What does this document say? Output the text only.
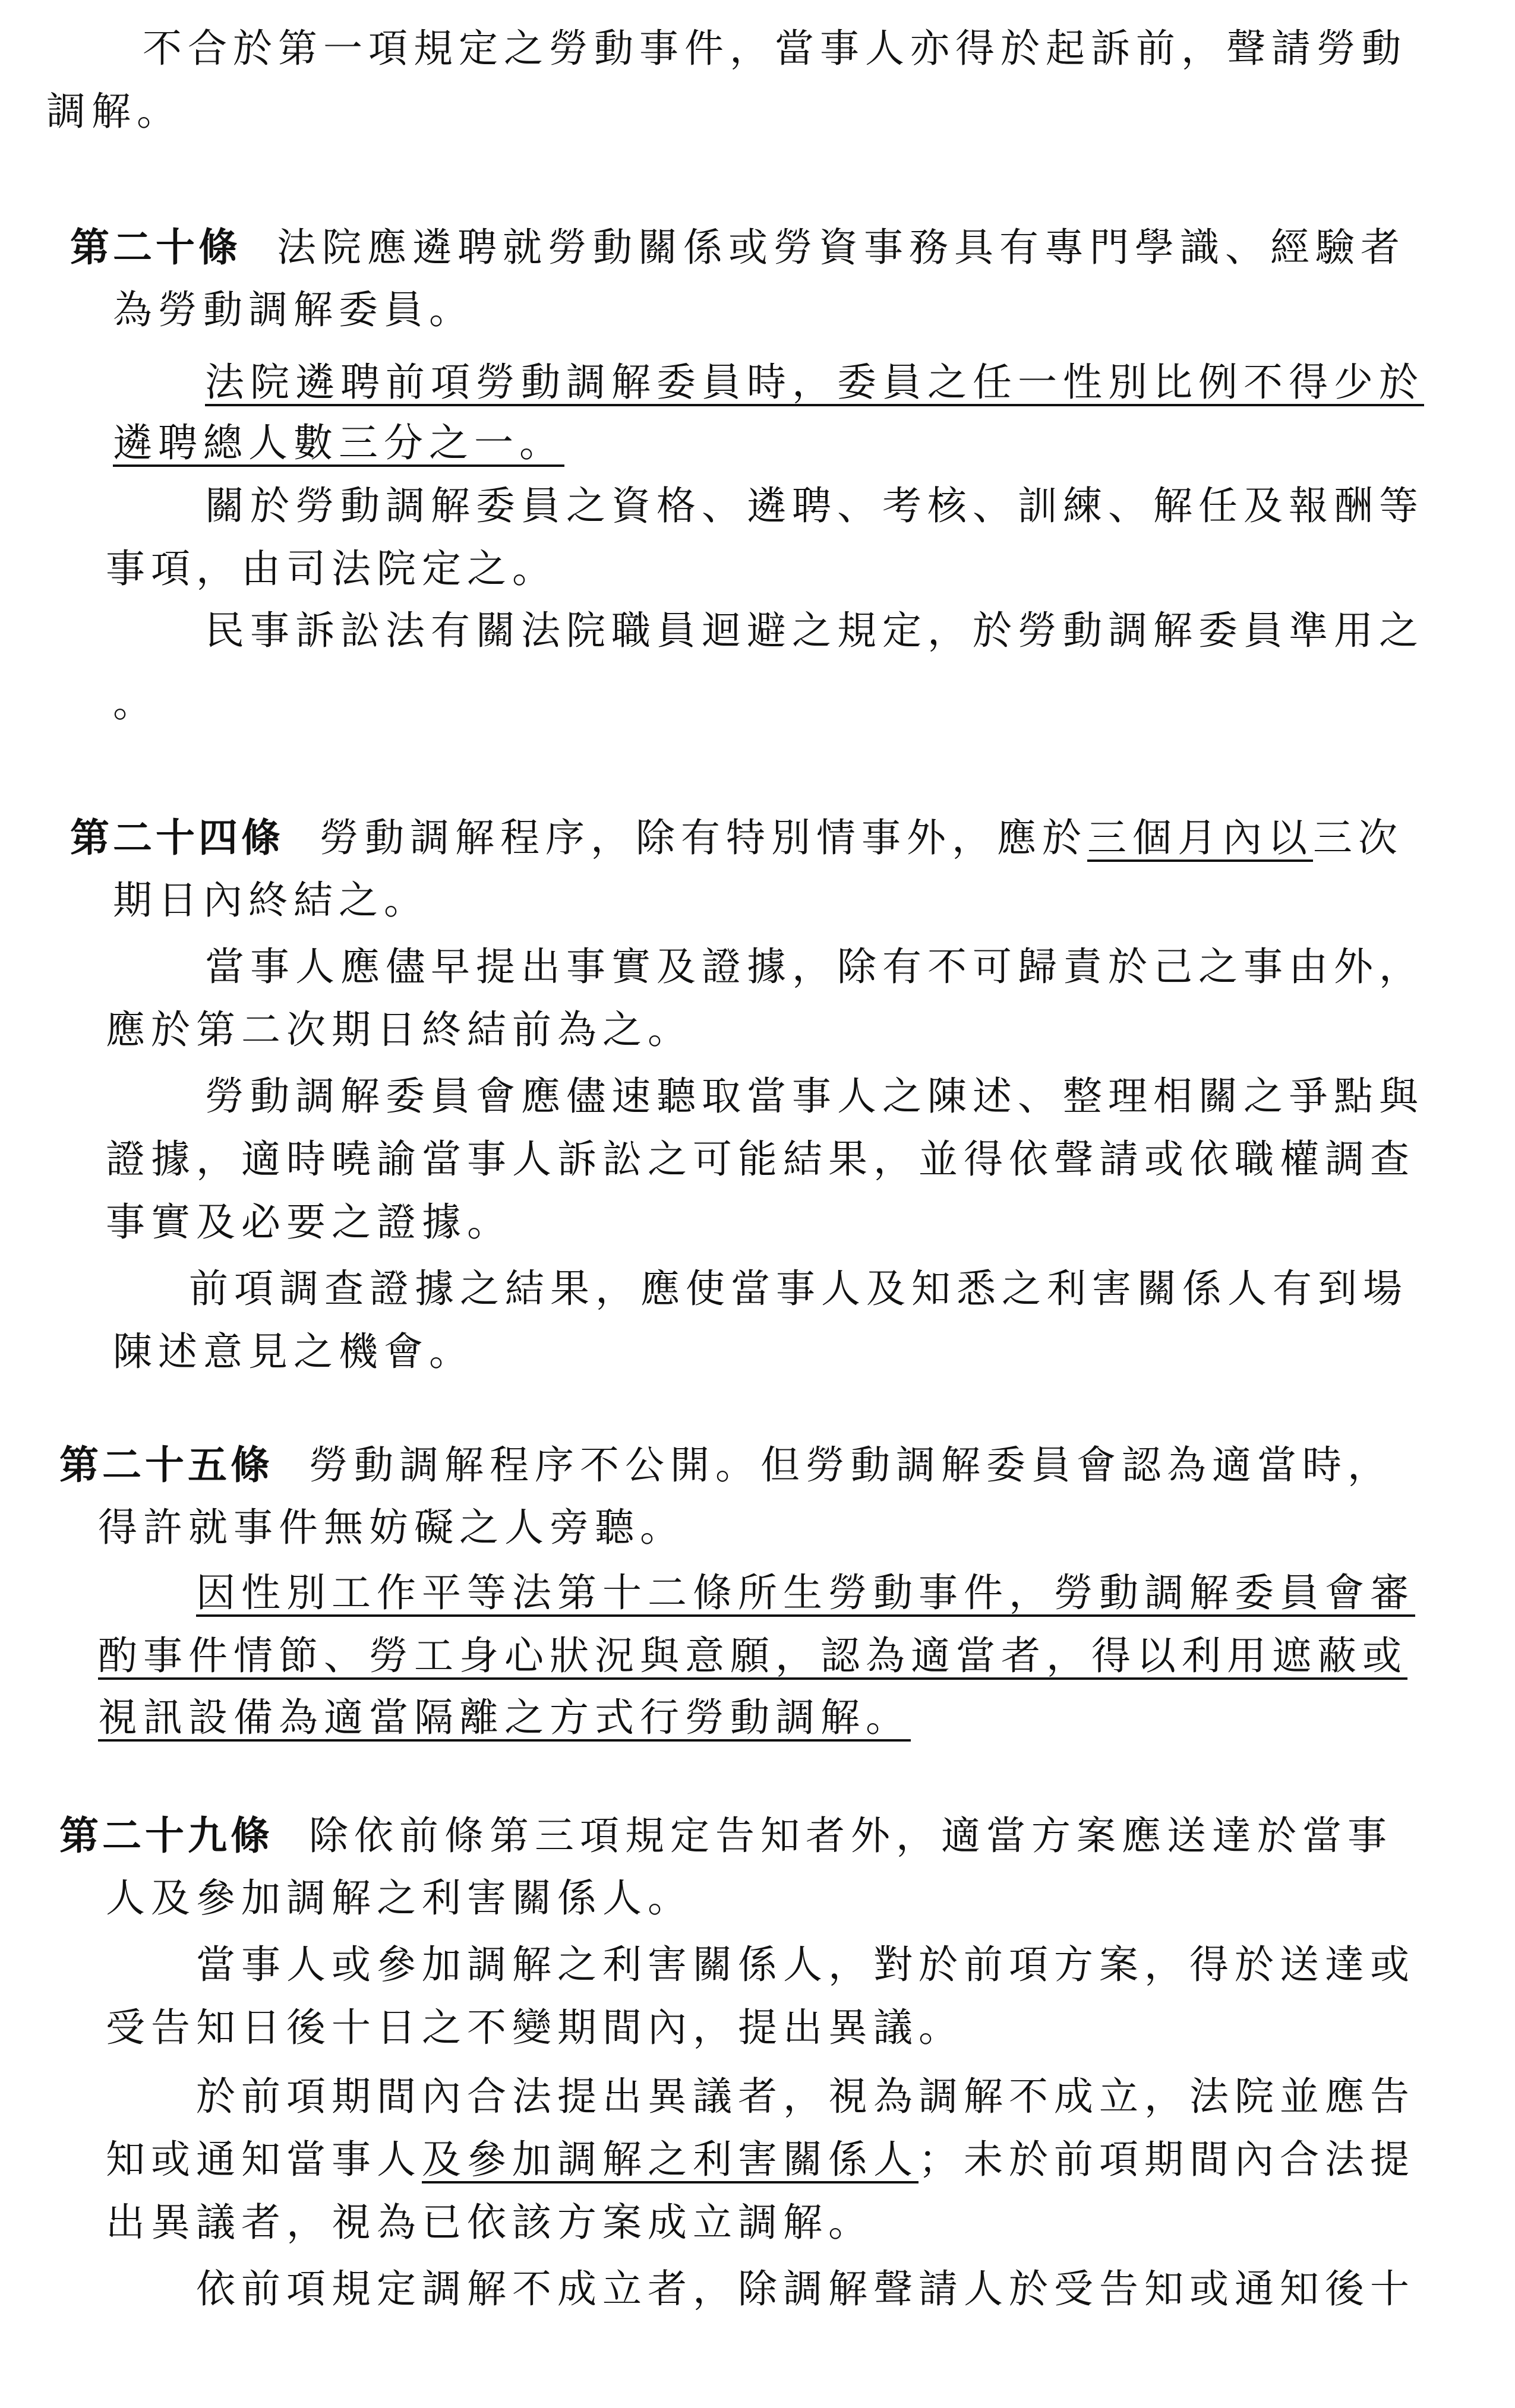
不合於第一項規定之勞動事件，當事人亦得於起訴前，聲請勞動
調解。
第二十條 法院應遴聘就勞動關係或勞資事務具有專門學識、經驗者
為勞動調解委員。
法院遴聘前項勞動調解委員時，委員之任一性別比例不得少於
遴聘總人數三分之一。
關於勞動調解委員之資格、遴聘、考核、訓練、解任及報酬等
事項，由司法院定之。
民事訴訟法有關法院職員迴避之規定，於勞動調解委員準用之
。
第二十四條 勞動調解程序，除有特別情事外，應於三個月內以三次
期日內終結之。
當事人應儘早提出事實及證據，除有不可歸責於己之事由外，
應於第二次期日終結前為之。
勞動調解委員會應儘速聽取當事人之陳述、整理相關之爭點與
證據，適時曉諭當事人訴訟之可能結果，並得依聲請或依職權調查
事實及必要之證據。
前項調查證據之結果，應使當事人及知悉之利害關係人有到場
陳述意見之機會。
第二十五條 勞動調解程序不公開。但勞動調解委員會認為適當時，
得許就事件無妨礙之人旁聽。
因性別工作平等法第十二條所生勞動事件，勞動調解委員會審
酌事件情節、勞工身心狀況與意願，認為適當者，得以利用遮蔽或
視訊設備為適當隔離之方式行勞動調解。
第二十九條 除依前條第三項規定告知者外，適當方案應送達於當事
人及參加調解之利害關係人。
當事人或參加調解之利害關係人，對於前項方案，得於送達或
受告知日後十日之不變期間內，提出異議。
於前項期間內合法提出異議者，視為調解不成立，法院並應告
知或通知當事人及參加調解之利害關係人；未於前項期間內合法提
出異議者，視為已依該方案成立調解。
依前項規定調解不成立者，除調解聲請人於受告知或通知後十
